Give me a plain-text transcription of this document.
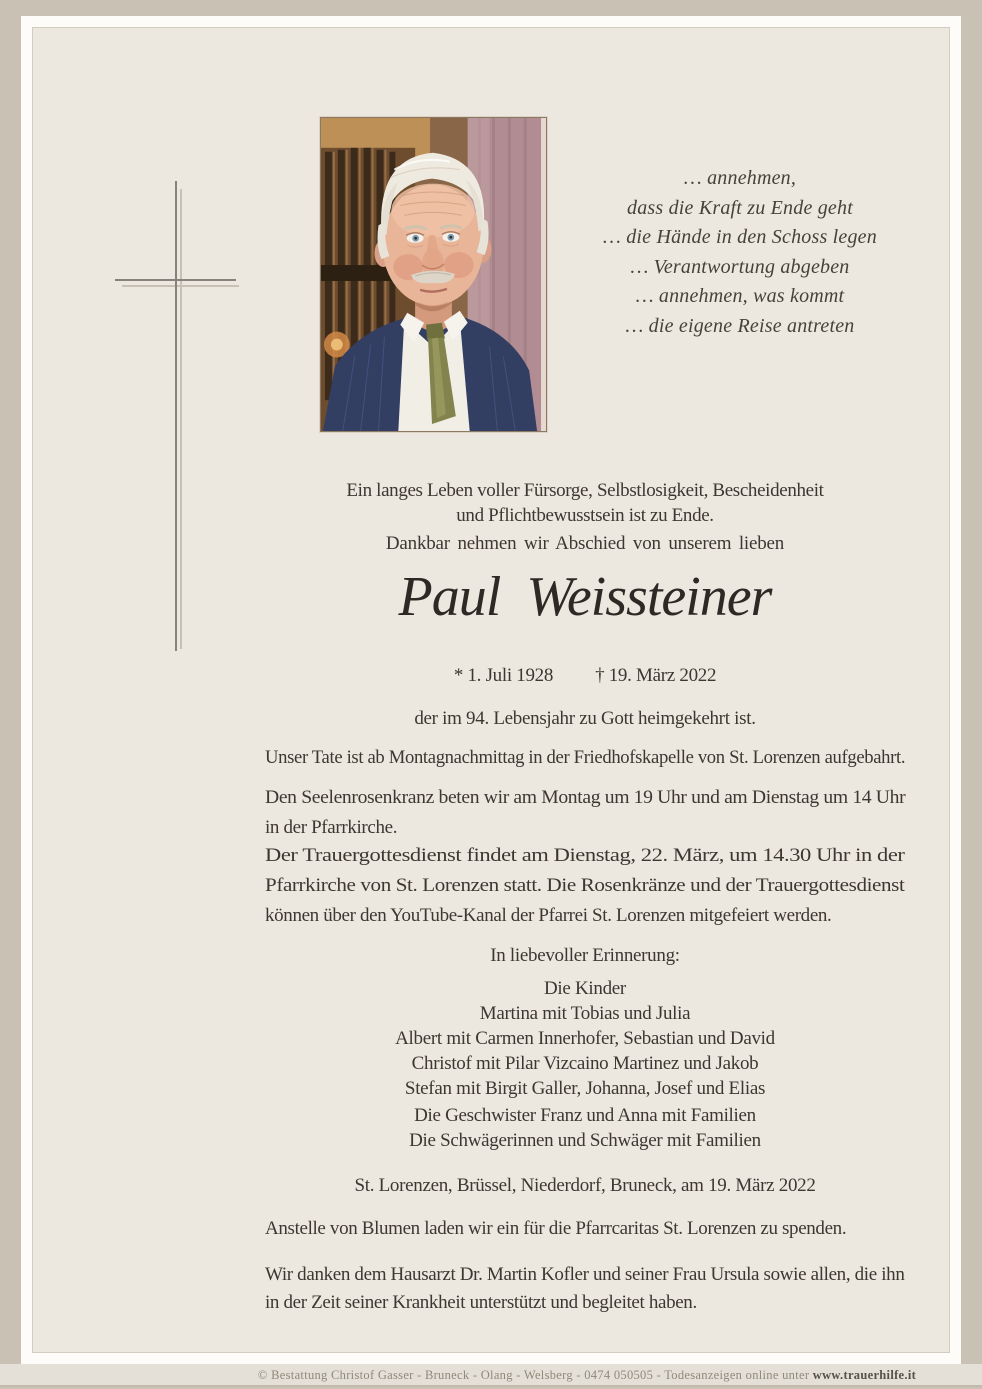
… annehmen,
dass die Kraft zu Ende geht
… die Hände in den Schoss legen
… Verantwortung abgeben
… annehmen, was kommt
… die eigene Reise antreten
Ein langes Leben voller Fürsorge, Selbstlosigkeit, Bescheidenheit
und Pflichtbewusstsein ist zu Ende.
Dankbar nehmen wir Abschied von unserem lieben
Paul Weissteiner
* 1. Juli 1928 † 19. März 2022
der im 94. Lebensjahr zu Gott heimgekehrt ist.
Unser Tate ist ab Montagnachmittag in der Friedhofskapelle von St. Lorenzen aufgebahrt.
Den Seelenrosenkranz beten wir am Montag um 19 Uhr und am Dienstag um 14 Uhr
in der Pfarrkirche.
Der Trauergottesdienst findet am Dienstag, 22. März, um 14.30 Uhr in der
Pfarrkirche von St. Lorenzen statt. Die Rosenkränze und der Trauergottesdienst
können über den YouTube-Kanal der Pfarrei St. Lorenzen mitgefeiert werden.
In liebevoller Erinnerung:
Die Kinder
Martina mit Tobias und Julia
Albert mit Carmen Innerhofer, Sebastian und David
Christof mit Pilar Vizcaino Martinez und Jakob
Stefan mit Birgit Galler, Johanna, Josef und Elias
Die Geschwister Franz und Anna mit Familien
Die Schwägerinnen und Schwäger mit Familien
St. Lorenzen, Brüssel, Niederdorf, Bruneck, am 19. März 2022
Anstelle von Blumen laden wir ein für die Pfarrcaritas St. Lorenzen zu spenden.
Wir danken dem Hausarzt Dr. Martin Kofler und seiner Frau Ursula sowie allen, die ihn
in der Zeit seiner Krankheit unterstützt und begleitet haben.
© Bestattung Christof Gasser - Bruneck - Olang - Welsberg - 0474 050505 - Todesanzeigen online unter www.trauerhilfe.it
